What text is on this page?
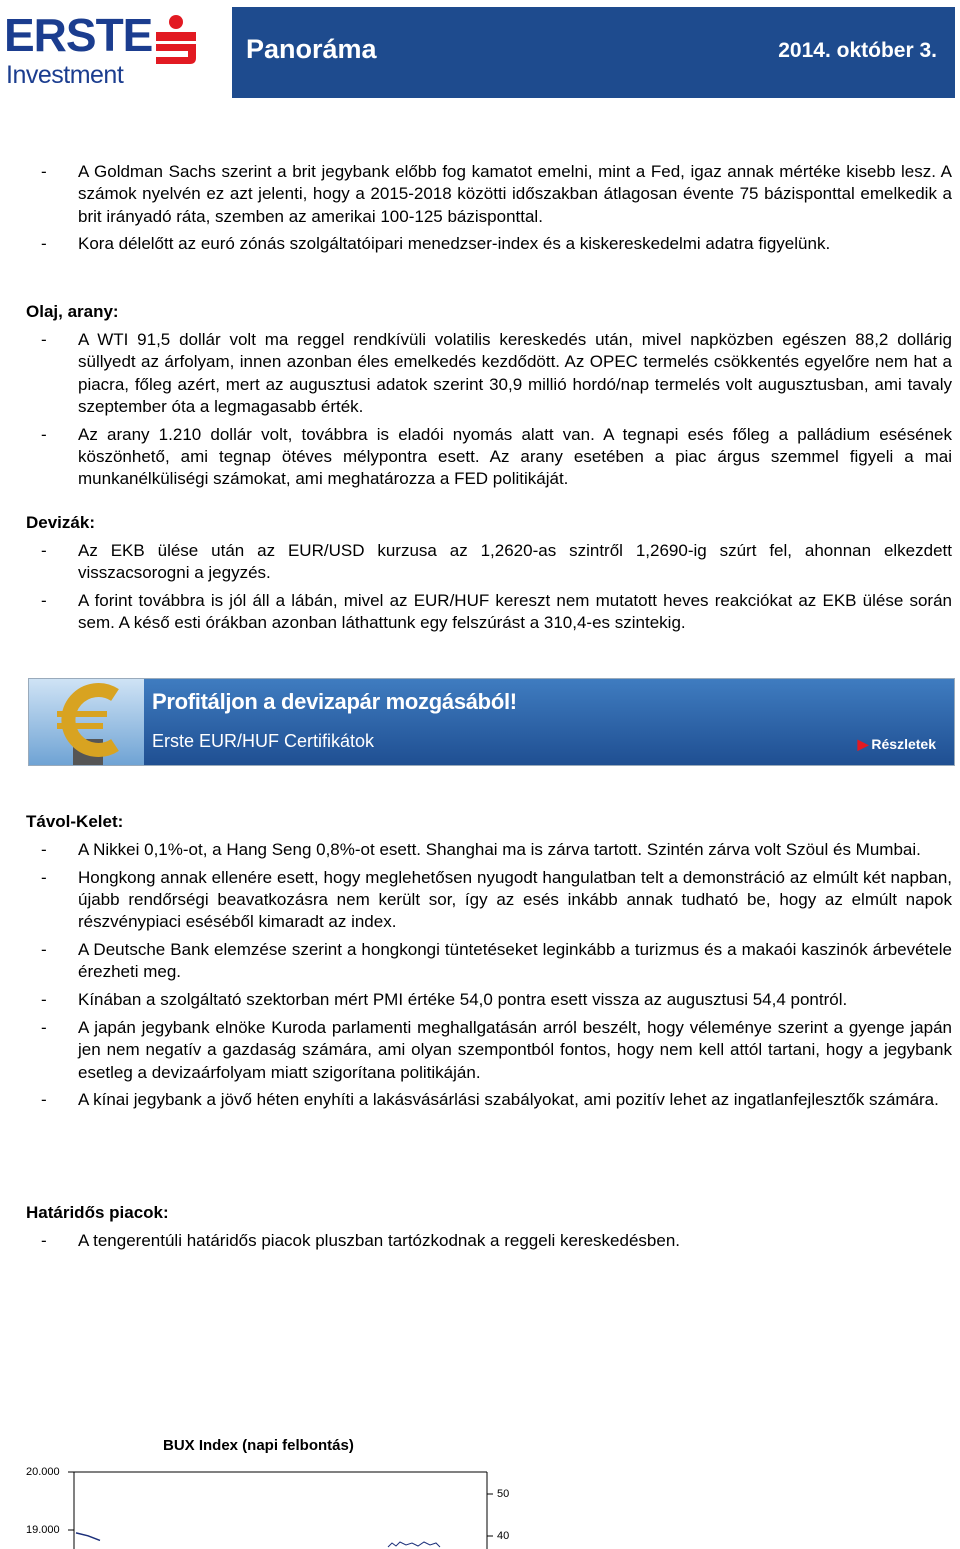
ERSTE
Investment
Panoráma	2014. október 3.
- A Goldman Sachs szerint a brit jegybank előbb fog kamatot emelni, mint a Fed, igaz annak mértéke kisebb lesz. A számok nyelvén ez azt jelenti, hogy a 2015-2018 közötti időszakban átlagosan évente 75 bázisponttal emelkedik a brit irányadó ráta, szemben az amerikai 100-125 bázisponttal.
- Kora délelőtt az euró zónás szolgáltatóipari menedzser-index és a kiskereskedelmi adatra figyelünk.
Olaj, arany:
- A WTI 91,5 dollár volt ma reggel rendkívüli volatilis kereskedés után, mivel napközben egészen 88,2 dollárig süllyedt az árfolyam, innen azonban éles emelkedés kezdődött. Az OPEC termelés csökkentés egyelőre nem hat a piacra, főleg azért, mert az augusztusi adatok szerint 30,9 millió hordó/nap termelés volt augusztusban, ami tavaly szeptember óta a legmagasabb érték.
- Az arany 1.210 dollár volt, továbbra is eladói nyomás alatt van. A tegnapi esés főleg a palládium esésének köszönhető, ami tegnap ötéves mélypontra esett. Az arany esetében a piac árgus szemmel figyeli a mai munkanélküliségi számokat, ami meghatározza a FED politikáját.
Devizák:
- Az EKB ülése után az EUR/USD kurzusa az 1,2620-as szintről 1,2690-ig szúrt fel, ahonnan elkezdett visszacsorogni a jegyzés.
- A forint továbbra is jól áll a lábán, mivel az EUR/HUF kereszt nem mutatott heves reakciókat az EKB ülése során sem. A késő esti órákban azonban láthattunk egy felszúrást a 310,4-es szintekig.
Profitáljon a devizapár mozgásából!
Erste EUR/HUF Certifikátok	▶ Részletek
Távol-Kelet:
- A Nikkei 0,1%-ot, a Hang Seng 0,8%-ot esett. Shanghai ma is zárva tartott. Szintén zárva volt Szöul és Mumbai.
- Hongkong annak ellenére esett, hogy meglehetősen nyugodt hangulatban telt a demonstráció az elmúlt két napban, újabb rendőrségi beavatkozásra nem került sor, így az esés inkább annak tudható be, hogy az elmúlt napok részvénypiaci eséséből kimaradt az index.
- A Deutsche Bank elemzése szerint a hongkongi tüntetéseket leginkább a turizmus és a makaói kaszinók árbevétele érezheti meg.
- Kínában a szolgáltató szektorban mért PMI értéke 54,0 pontra esett vissza az augusztusi 54,4 pontról.
- A japán jegybank elnöke Kuroda parlamenti meghallgatásán arról beszélt, hogy véleménye szerint a gyenge japán jen nem negatív a gazdaság számára, ami olyan szempontból fontos, hogy nem kell attól tartani, hogy a jegybank esetleg a devizaárfolyam miatt szigorítana politikáján.
- A kínai jegybank a jövő héten enyhíti a lakásvásárlási szabályokat, ami pozitív lehet az ingatlanfejlesztők számára.
Határidős piacok:
- A tengerentúli határidős piacok pluszban tartózkodnak a reggeli kereskedésben.
BUX Index (napi felbontás)
20.000
19.000
50
40
